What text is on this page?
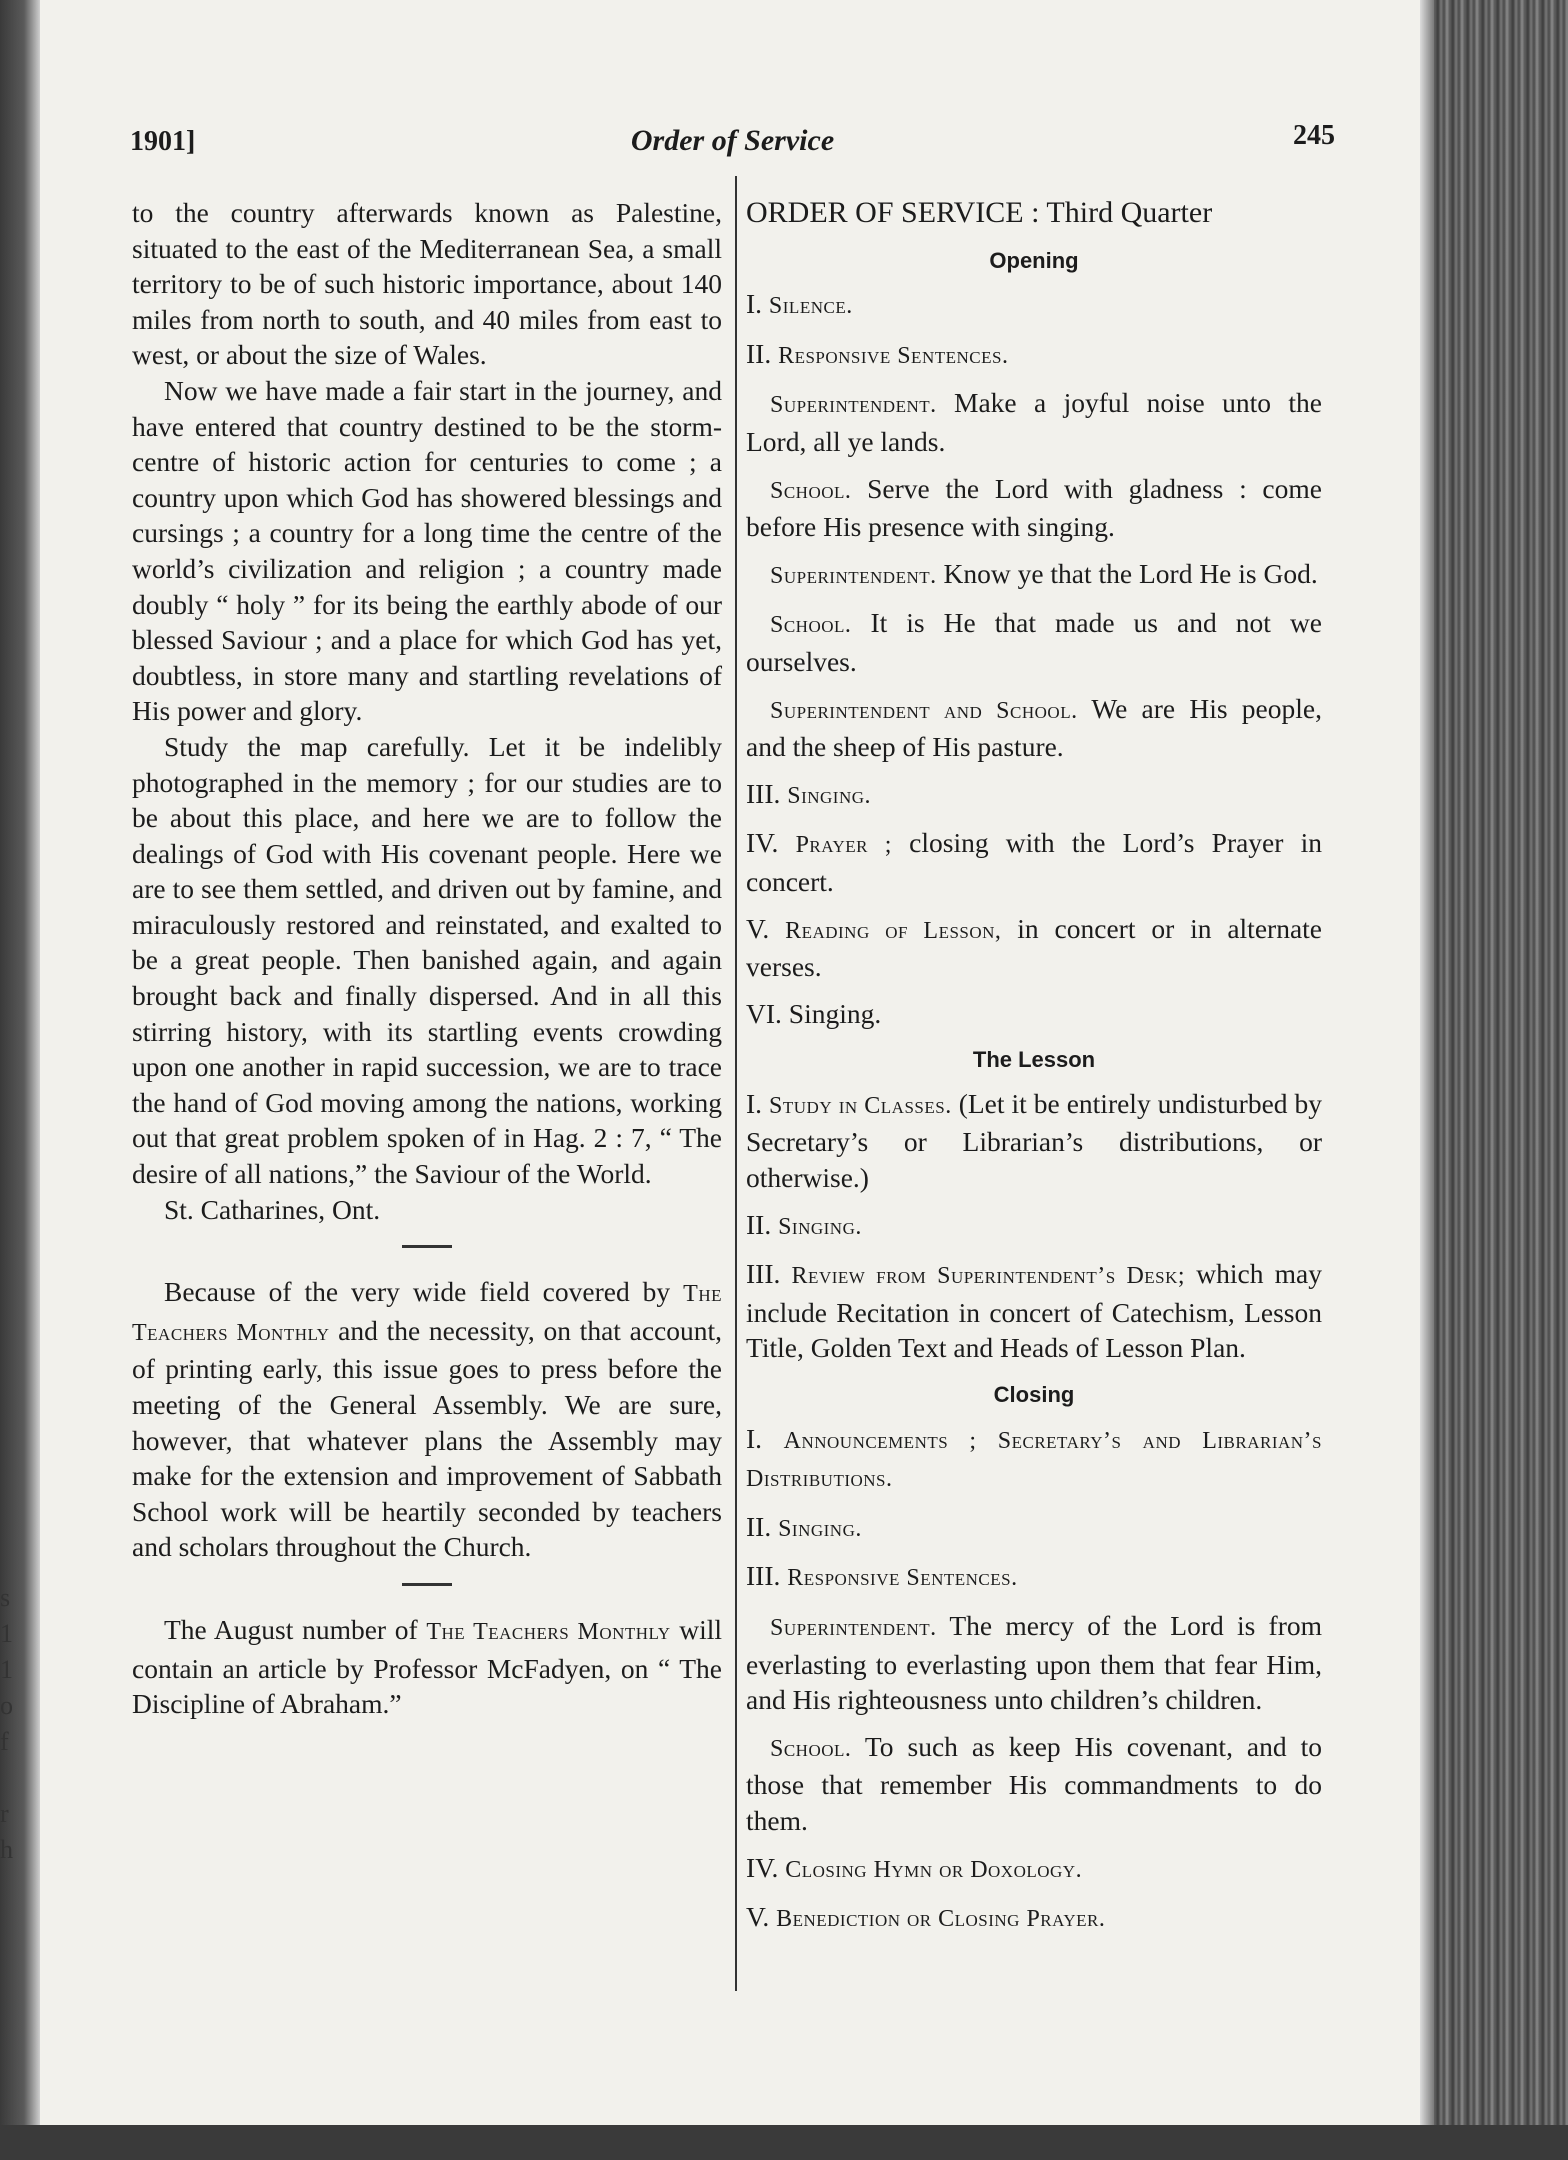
s
1
1
o
f
r
h
1901]	Order of Service	245

to the country afterwards known as Palestine, situated to the east of the Mediterranean Sea, a small territory to be of such historic importance, about 140 miles from north to south, and 40 miles from east to west, or about the size of Wales.

Now we have made a fair start in the journey, and have entered that country destined to be the storm-centre of historic action for centuries to come ; a country upon which God has showered blessings and cursings ; a country for a long time the centre of the world’s civilization and religion ; a country made doubly “ holy ” for its being the earthly abode of our blessed Saviour ; and a place for which God has yet, doubtless, in store many and startling revelations of His power and glory.

Study the map carefully. Let it be indelibly photographed in the memory ; for our studies are to be about this place, and here we are to follow the dealings of God with His covenant people. Here we are to see them settled, and driven out by famine, and miraculously restored and reinstated, and exalted to be a great people. Then banished again, and again brought back and finally dispersed. And in all this stirring history, with its startling events crowding upon one another in rapid succession, we are to trace the hand of God moving among the nations, working out that great problem spoken of in Hag. 2 : 7, “ The desire of all nations,” the Saviour of the World.

St. Catharines, Ont.

Because of the very wide field covered by The Teachers Monthly and the necessity, on that account, of printing early, this issue goes to press before the meeting of the General Assembly. We are sure, however, that whatever plans the Assembly may make for the extension and improvement of Sabbath School work will be heartily seconded by teachers and scholars throughout the Church.

The August number of The Teachers Monthly will contain an article by Professor McFadyen, on “ The Discipline of Abraham.”

ORDER OF SERVICE : Third Quarter
Opening

I. Silence.

II. Responsive Sentences.

Superintendent. Make a joyful noise unto the Lord, all ye lands.

School. Serve the Lord with gladness : come before His presence with singing.

Superintendent. Know ye that the Lord He is God.

School. It is He that made us and not we ourselves.

Superintendent and School. We are His people, and the sheep of His pasture.

III. Singing.

IV. Prayer ; closing with the Lord’s Prayer in concert.

V. Reading of Lesson, in concert or in alternate verses.

VI. Singing.

The Lesson

I. Study in Classes. (Let it be entirely undisturbed by Secretary’s or Librarian’s distributions, or otherwise.)

II. Singing.

III. Review from Superintendent’s Desk; which may include Recitation in concert of Catechism, Lesson Title, Golden Text and Heads of Lesson Plan.

Closing

I. Announcements ; Secretary’s and Librarian’s Distributions.

II. Singing.

III. Responsive Sentences.

Superintendent. The mercy of the Lord is from everlasting to everlasting upon them that fear Him, and His righteousness unto children’s children.

School. To such as keep His covenant, and to those that remember His commandments to do them.

IV. Closing Hymn or Doxology.

V. Benediction or Closing Prayer.
